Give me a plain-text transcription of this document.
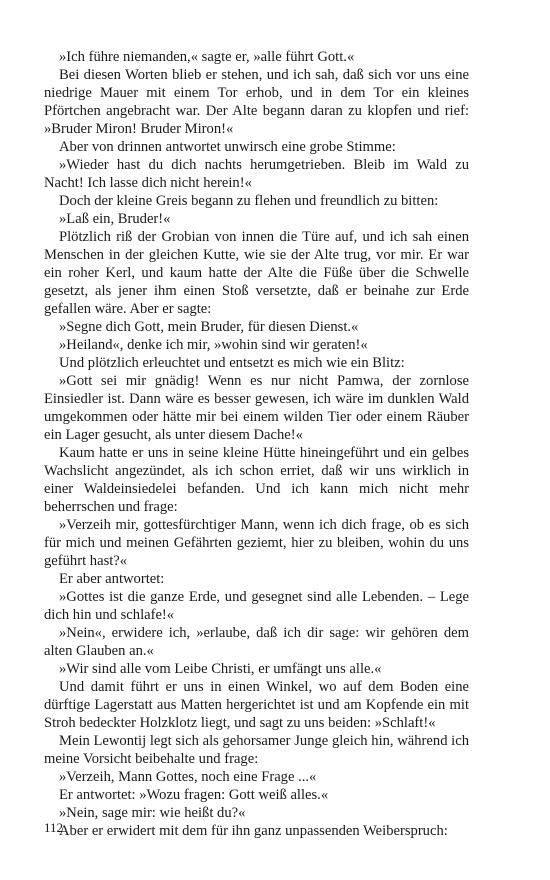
»Ich führe niemanden,« sagte er, »alle führt Gott.«

Bei diesen Worten blieb er stehen, und ich sah, daß sich vor uns eine niedrige Mauer mit einem Tor erhob, und in dem Tor ein kleines Pförtchen angebracht war. Der Alte begann daran zu klopfen und rief: »Bruder Miron! Bruder Miron!«

Aber von drinnen antwortet unwirsch eine grobe Stimme:

»Wieder hast du dich nachts herumgetrieben. Bleib im Wald zu Nacht! Ich lasse dich nicht herein!«

Doch der kleine Greis begann zu flehen und freundlich zu bitten:

»Laß ein, Bruder!«

Plötzlich riß der Grobian von innen die Türe auf, und ich sah einen Menschen in der gleichen Kutte, wie sie der Alte trug, vor mir. Er war ein roher Kerl, und kaum hatte der Alte die Füße über die Schwelle gesetzt, als jener ihm einen Stoß versetzte, daß er beinahe zur Erde gefallen wäre. Aber er sagte:

»Segne dich Gott, mein Bruder, für diesen Dienst.«

»Heiland«, denke ich mir, »wohin sind wir geraten!«

Und plötzlich erleuchtet und entsetzt es mich wie ein Blitz:

»Gott sei mir gnädig! Wenn es nur nicht Pamwa, der zornlose Einsiedler ist. Dann wäre es besser gewesen, ich wäre im dunklen Wald umgekommen oder hätte mir bei einem wilden Tier oder einem Räuber ein Lager gesucht, als unter diesem Dache!«

Kaum hatte er uns in seine kleine Hütte hineingeführt und ein gelbes Wachslicht angezündet, als ich schon erriet, daß wir uns wirklich in einer Waldeinsiedelei befanden. Und ich kann mich nicht mehr beherrschen und frage:

»Verzeih mir, gottesfürchtiger Mann, wenn ich dich frage, ob es sich für mich und meinen Gefährten geziemt, hier zu bleiben, wohin du uns geführt hast?«

Er aber antwortet:

»Gottes ist die ganze Erde, und gesegnet sind alle Lebenden. – Lege dich hin und schlafe!«

»Nein«, erwidere ich, »erlaube, daß ich dir sage: wir gehören dem alten Glauben an.«

»Wir sind alle vom Leibe Christi, er umfängt uns alle.«

Und damit führt er uns in einen Winkel, wo auf dem Boden eine dürftige Lagerstatt aus Matten hergerichtet ist und am Kopfende ein mit Stroh bedeckter Holzklotz liegt, und sagt zu uns beiden: »Schlaft!«

Mein Lewontij legt sich als gehorsamer Junge gleich hin, während ich meine Vorsicht beibehalte und frage:

»Verzeih, Mann Gottes, noch eine Frage ...«

Er antwortet: »Wozu fragen: Gott weiß alles.«

»Nein, sage mir: wie heißt du?«

Aber er erwidert mit dem für ihn ganz unpassenden Weiberspruch:

112
